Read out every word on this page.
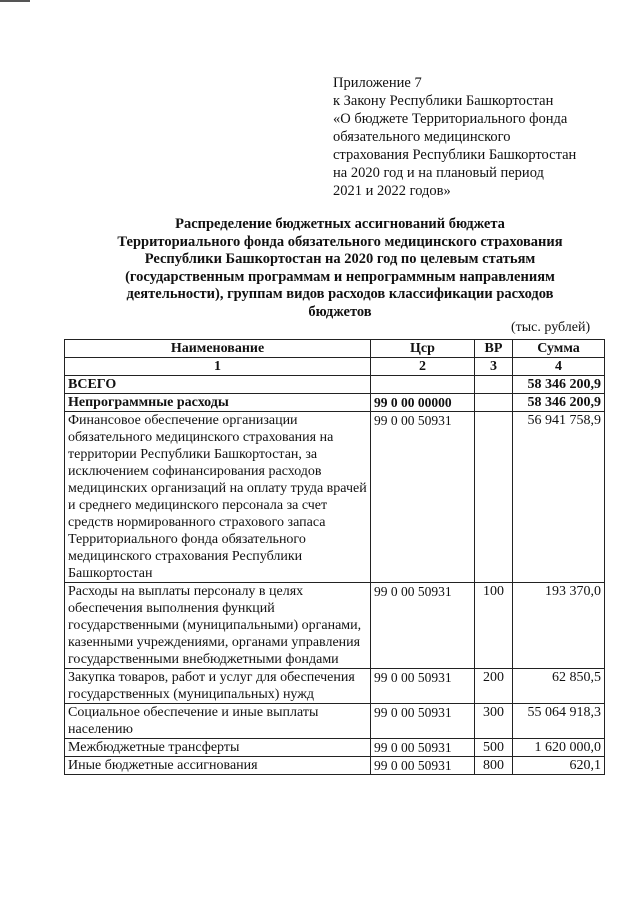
Приложение 7
к Закону Республики Башкортостан
«О бюджете Территориального фонда
обязательного медицинского
страхования Республики Башкортостан
на 2020 год и на плановый период
2021 и 2022 годов»
Распределение бюджетных ассигнований бюджета
Территориального фонда обязательного медицинского страхования
Республики Башкортостан на 2020 год по целевым статьям
(государственным программам и непрограммным направлениям
деятельности), группам видов расходов классификации расходов
бюджетов
(тыс. рублей)
Наименование	Цср	ВР	Сумма
1	2	3	4
ВСЕГО			58 346 200,9
Непрограммные расходы	99 0 00 00000		58 346 200,9
Финансовое обеспечение организации обязательного медицинского страхования на территории Республики Башкортостан, за исключением софинансирования расходов медицинских организаций на оплату труда врачей и среднего медицинского персонала за счет средств нормированного страхового запаса Территориального фонда обязательного медицинского страхования Республики Башкортостан	99 0 00 50931		56 941 758,9
Расходы на выплаты персоналу в целях обеспечения выполнения функций государственными (муниципальными) органами, казенными учреждениями, органами управления государственными внебюджетными фондами	99 0 00 50931	100	193 370,0
Закупка товаров, работ и услуг для обеспечения государственных (муниципальных) нужд	99 0 00 50931	200	62 850,5
Социальное обеспечение и иные выплаты населению	99 0 00 50931	300	55 064 918,3
Межбюджетные трансферты	99 0 00 50931	500	1 620 000,0
Иные бюджетные ассигнования	99 0 00 50931	800	620,1
